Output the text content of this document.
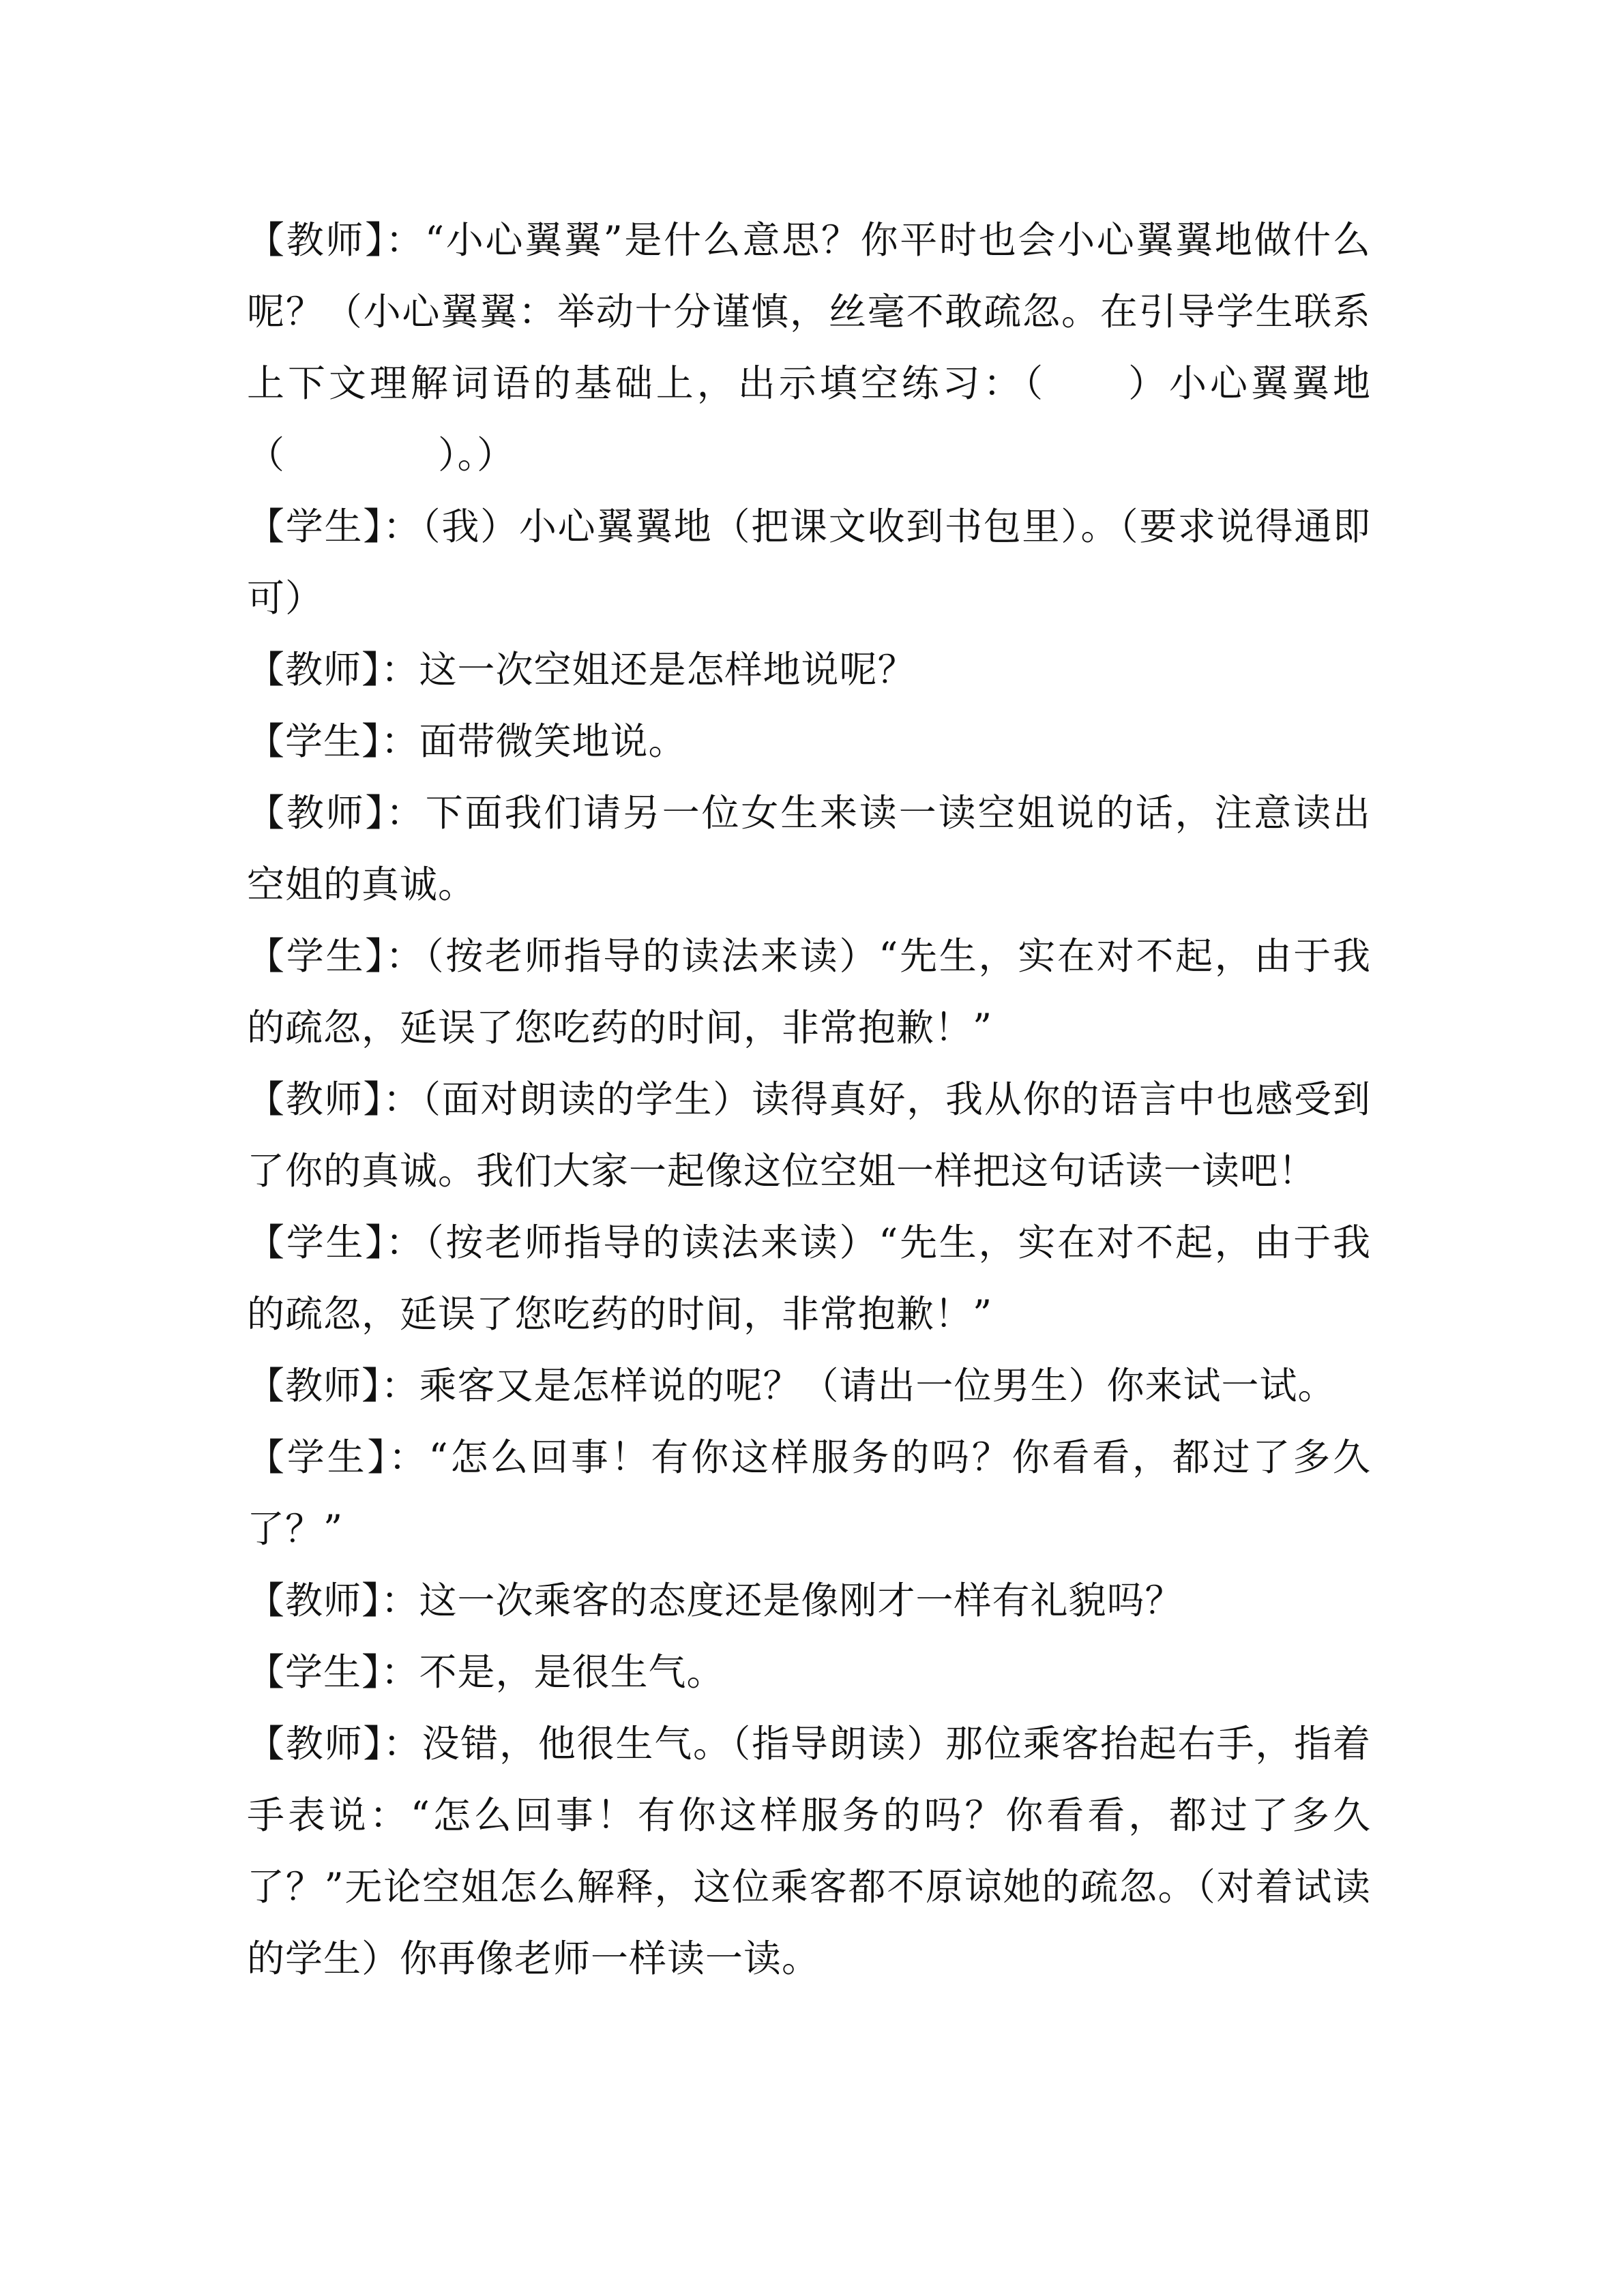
【教师】：“小心翼翼”是什么意思？你平时也会小心翼翼地做什么呢？（小心翼翼：举动十分谨慎，丝毫不敢疏忽。在引导学生联系上下文理解词语的基础上，出示填空练习：（　　）小心翼翼地（　　　　）。）

【学生】：（我）小心翼翼地（把课文收到书包里）。（要求说得通即可）

【教师】：这一次空姐还是怎样地说呢？

【学生】：面带微笑地说。

【教师】：下面我们请另一位女生来读一读空姐说的话，注意读出空姐的真诚。

【学生】：（按老师指导的读法来读）“先生，实在对不起，由于我的疏忽，延误了您吃药的时间，非常抱歉！”

【教师】：（面对朗读的学生）读得真好，我从你的语言中也感受到了你的真诚。我们大家一起像这位空姐一样把这句话读一读吧！

【学生】：（按老师指导的读法来读）“先生，实在对不起，由于我的疏忽，延误了您吃药的时间，非常抱歉！”

【教师】：乘客又是怎样说的呢？（请出一位男生）你来试一试。

【学生】：“怎么回事！有你这样服务的吗？你看看，都过了多久了？”

【教师】：这一次乘客的态度还是像刚才一样有礼貌吗？

【学生】：不是，是很生气。

【教师】：没错，他很生气。（指导朗读）那位乘客抬起右手，指着手表说：“怎么回事！有你这样服务的吗？你看看，都过了多久了？”无论空姐怎么解释，这位乘客都不原谅她的疏忽。（对着试读的学生）你再像老师一样读一读。
